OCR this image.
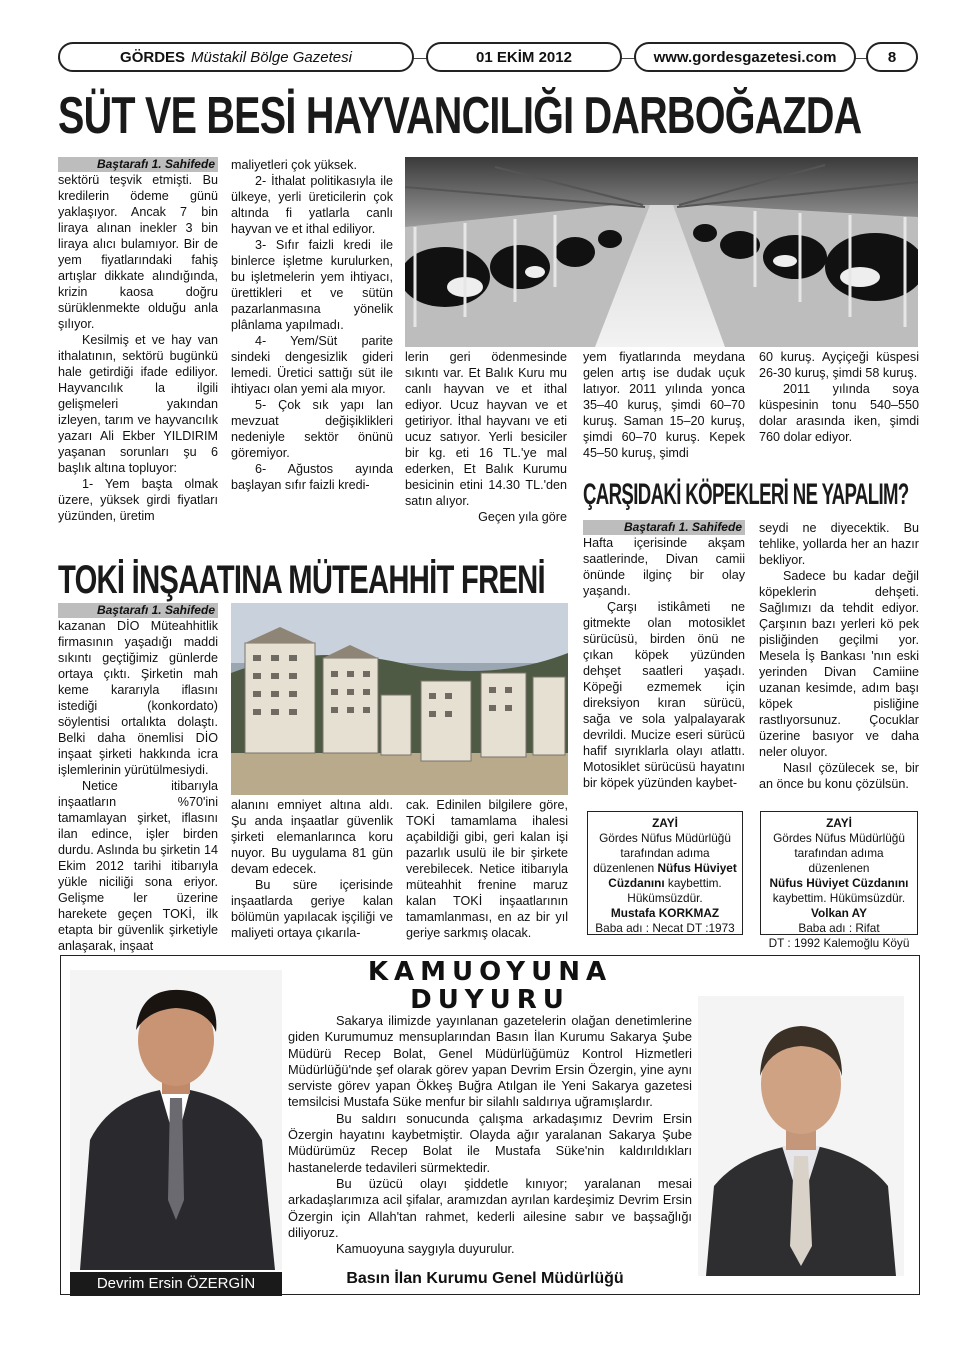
GÖRDES Müstakil Bölge Gazetesi	01 EKİM 2012	www.gordesgazetesi.com	8
SÜT VE BESİ HAYVANCILIĞI DARBOĞAZDA
Baştarafı 1. Sahifede

sektörü teşvik etmişti. Bu kredilerin ödeme günü yaklaşıyor. Ancak 7 bin liraya alınan inekler 3 bin liraya alıcı bulamıyor. Bir de yem fiyatlarındaki fahiş artışlar dikkate alındığında, krizin kaosa doğru sürüklenmekte olduğu anla şılıyor.

Kesilmiş et ve hay van ithalatının, sektörü bugünkü hale getirdiği ifade ediliyor. Hayvancılık la ilgili gelişmeleri yakından izleyen, tarım ve hayvancılık yazarı Ali Ekber YILDIRIM yaşanan sorunları şu 6 başlık altına topluyor:

1- Yem başta olmak üzere, yüksek girdi fiyatları yüzünden, üretim

maliyetleri çok yüksek.

2- İthalat politikasıyla ile ülkeye, yerli üreticilerin çok altında fi yatlarla canlı hayvan ve et ithal ediliyor.

3- Sıfır faizli kredi ile binlerce işletme kurulurken, bu işletmelerin yem ihtiyacı, ürettikleri et ve sütün pazarlanmasına yönelik plânlama yapılmadı.

4- Yem/Süt parite sindeki dengesizlik gideri lemedi. Üretici sattığı süt ile ihtiyacı olan yemi ala mıyor.

5- Çok sık yapı lan mevzuat değişiklikleri nedeniyle sektör önünü göremiyor.

6- Ağustos ayında başlayan sıfır faizli kredi-

lerin geri ödenmesinde sıkıntı var. Et Balık Kuru mu canlı hayvan ve et ithal ediyor. Ucuz hayvan ve et getiriyor. İthal hayvanı ve eti ucuz satıyor. Yerli besiciler bir kg. eti 16 TL.'ye mal ederken, Et Balık Kurumu besicinin etini 14.30 TL.'den satın alıyor.

Geçen yıla göre

yem fiyatlarında meydana gelen artış ise dudak uçuk latıyor. 2011 yılında yonca 35–40 kuruş, şimdi 60–70 kuruş. Saman 15–20 kuruş, şimdi 60–70 kuruş. Kepek 45–50 kuruş, şimdi

60 kuruş. Ayçiçeği küspesi 26-30 kuruş, şimdi 58 kuruş.

2011 yılında soya küspesinin tonu 540–550 dolar arasında iken, şimdi 760 dolar ediyor.

ÇARŞIDAKİ KÖPEKLERİ NE YAPALIM?
TOKİ İNŞAATINA MÜTEAHHİT FRENİ
Baştarafı 1. Sahifede

kazanan DİO Müteahhitlik firmasının yaşadığı maddi sıkıntı geçtiğimiz günlerde ortaya çıktı. Şirketin mah keme kararıyla iflasını istediği (konkordato) söylentisi ortalıkta dolaştı. Belki daha önemlisi DİO inşaat şirketi hakkında icra işlemlerinin yürütülmesiydi.

Netice itibarıyla inşaatların %70'ini tamamlayan şirket, iflasını ilan edince, işler birden durdu. Aslında bu şirketin 14 Ekim 2012 tarihi itibarıyla yükle niciliği sona eriyor. Gelişme ler üzerine harekete geçen TOKİ, ilk etapta bir güvenlik şirketiyle anlaşarak, inşaat

alanını emniyet altına aldı. Şu anda inşaatlar güvenlik şirketi elemanlarınca koru nuyor. Bu uygulama 81 gün devam edecek.

Bu süre içerisinde inşaatlarda geriye kalan bölümün yapılacak işçiliği ve maliyeti ortaya çıkarıla-

cak. Edinilen bilgilere göre, TOKİ tamamlama ihalesi açabildiği gibi, geri kalan işi pazarlık usulü ile bir şirkete verebilecek. Netice itibarıyla müteahhit frenine maruz kalan TOKİ inşaatlarının tamamlanması, en az bir yıl geriye sarkmış olacak.

Baştarafı 1. Sahifede

Hafta içerisinde akşam saatlerinde, Divan camii önünde ilginç bir olay yaşandı.

Çarşı istikâmeti ne gitmekte olan motosiklet sürücüsü, birden önü ne çıkan köpek yüzünden dehşet saatleri yaşadı. Köpeği ezmemek için direksiyon kıran sürücü, sağa ve sola yalpalayarak devrildi. Mucize eseri sürücü hafif sıyrıklarla olayı atlattı. Motosiklet sürücüsü hayatını bir köpek yüzünden kaybet-

seydi ne diyecektik. Bu tehlike, yollarda her an hazır bekliyor.

Sadece bu kadar değil köpeklerin dehşeti. Sağlımızı da tehdit ediyor. Çarşının bazı yerleri kö pek pisliğinden geçilmi yor. Mesela İş Bankası 'nın eski yerinden Divan Camiine uzanan kesimde, adım başı köpek pisliğine rastlıyorsunuz. Çocuklar üzerine basıyor ve daha neler oluyor.

Nasıl çözülecek se, bir an önce bu konu çözülsün.

ZAYİ
Gördes Nüfus Müdürlüğü
tarafından adıma
düzenlenen Nüfus Hüviyet
Cüzdanını kaybettim.
Hükümsüzdür.
Mustafa KORKMAZ
Baba adı : Necat DT :1973
ZAYİ
Gördes Nüfus Müdürlüğü
tarafından adıma düzenlenen
Nüfus Hüviyet Cüzdanını
kaybettim. Hükümsüzdür.
Volkan AY
Baba adı : Rifat
DT : 1992 Kalemoğlu Köyü
KAMUOYUNA
DUYURU
Devrim Ersin ÖZERGİN

Sakarya ilimizde yayınlanan gazetelerin olağan denetimlerine giden Kurumumuz mensuplarından Basın İlan Kurumu Sakarya Şube Müdürü Recep Bolat, Genel Müdürlüğümüz Kontrol Hizmetleri Müdürlüğü'nde şef olarak görev yapan Devrim Ersin Özergin, yine aynı serviste görev yapan Ökkeş Buğra Atılgan ile Yeni Sakarya gazetesi temsilcisi Mustafa Süke menfur bir silahlı saldırıya uğramışlardır.

Bu saldırı sonucunda çalışma arkadaşımız Devrim Ersin Özergin hayatını kaybetmiştir. Olayda ağır yaralanan Sakarya Şube Müdürümüz Recep Bolat ile Mustafa Süke'nin kaldırıldıkları hastanelerde tedavileri sürmektedir.

Bu üzücü olayı şiddetle kınıyor; yaralanan mesai arkadaşlarımıza acil şifalar, aramızdan ayrılan kardeşimiz Devrim Ersin Özergin için Allah'tan rahmet, kederli ailesine sabır ve başsağlığı diliyoruz.

Kamuoyuna saygıyla duyurulur.

Basın İlan Kurumu Genel Müdürlüğü
